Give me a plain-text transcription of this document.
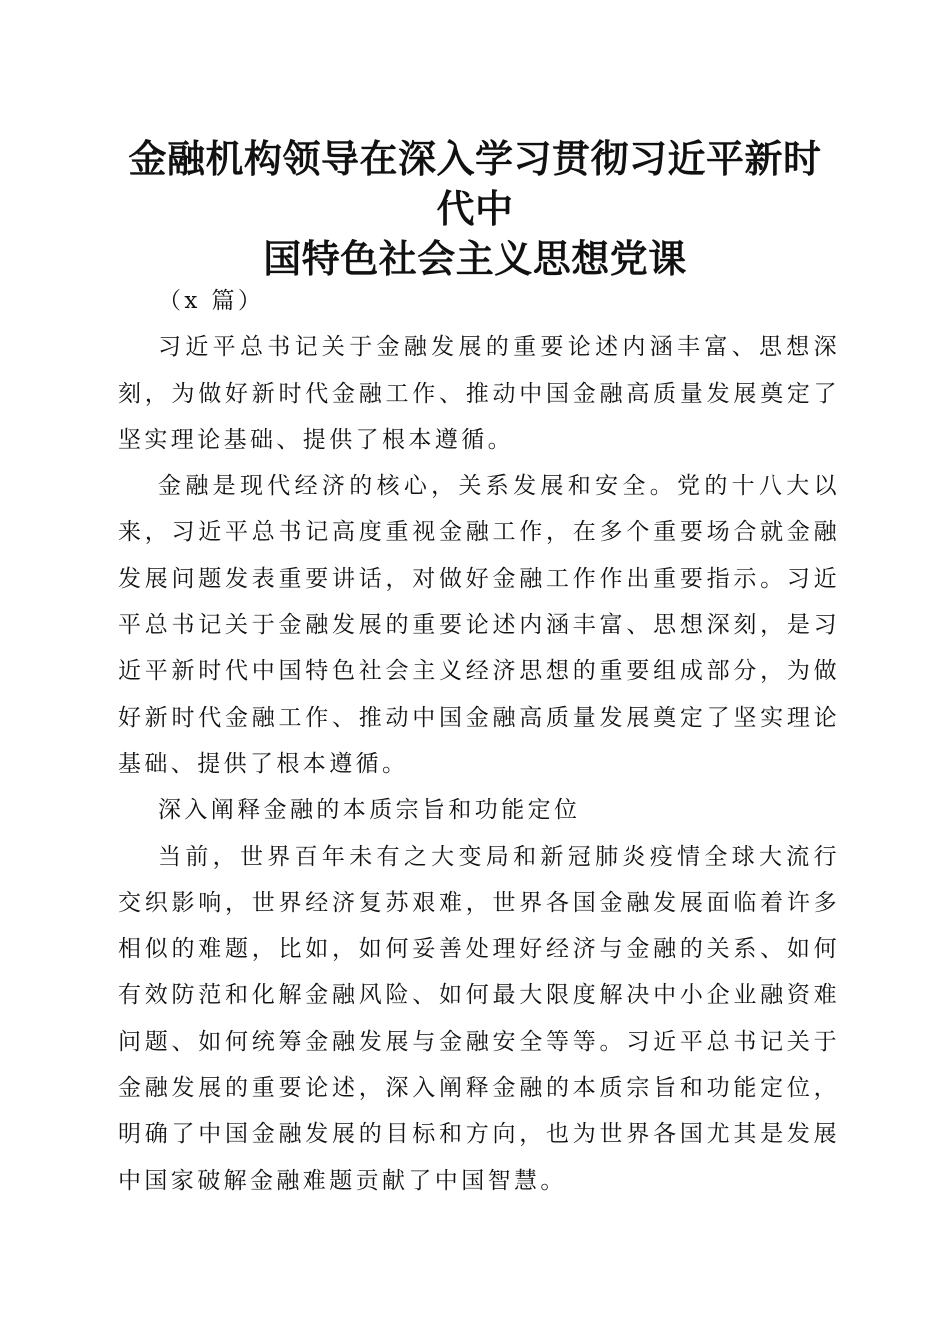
金融机构领导在深入学习贯彻习近平新时代中
国特色社会主义思想党课

（x 篇）

习近平总书记关于金融发展的重要论述内涵丰富、思想深刻，为做好新时代金融工作、推动中国金融高质量发展奠定了坚实理论基础、提供了根本遵循。

金融是现代经济的核心，关系发展和安全。党的十八大以来，习近平总书记高度重视金融工作，在多个重要场合就金融发展问题发表重要讲话，对做好金融工作作出重要指示。习近平总书记关于金融发展的重要论述内涵丰富、思想深刻，是习近平新时代中国特色社会主义经济思想的重要组成部分，为做好新时代金融工作、推动中国金融高质量发展奠定了坚实理论基础、提供了根本遵循。

深入阐释金融的本质宗旨和功能定位

当前，世界百年未有之大变局和新冠肺炎疫情全球大流行交织影响，世界经济复苏艰难，世界各国金融发展面临着许多相似的难题，比如，如何妥善处理好经济与金融的关系、如何有效防范和化解金融风险、如何最大限度解决中小企业融资难问题、如何统筹金融发展与金融安全等等。习近平总书记关于金融发展的重要论述，深入阐释金融的本质宗旨和功能定位，明确了中国金融发展的目标和方向，也为世界各国尤其是发展中国家破解金融难题贡献了中国智慧。
